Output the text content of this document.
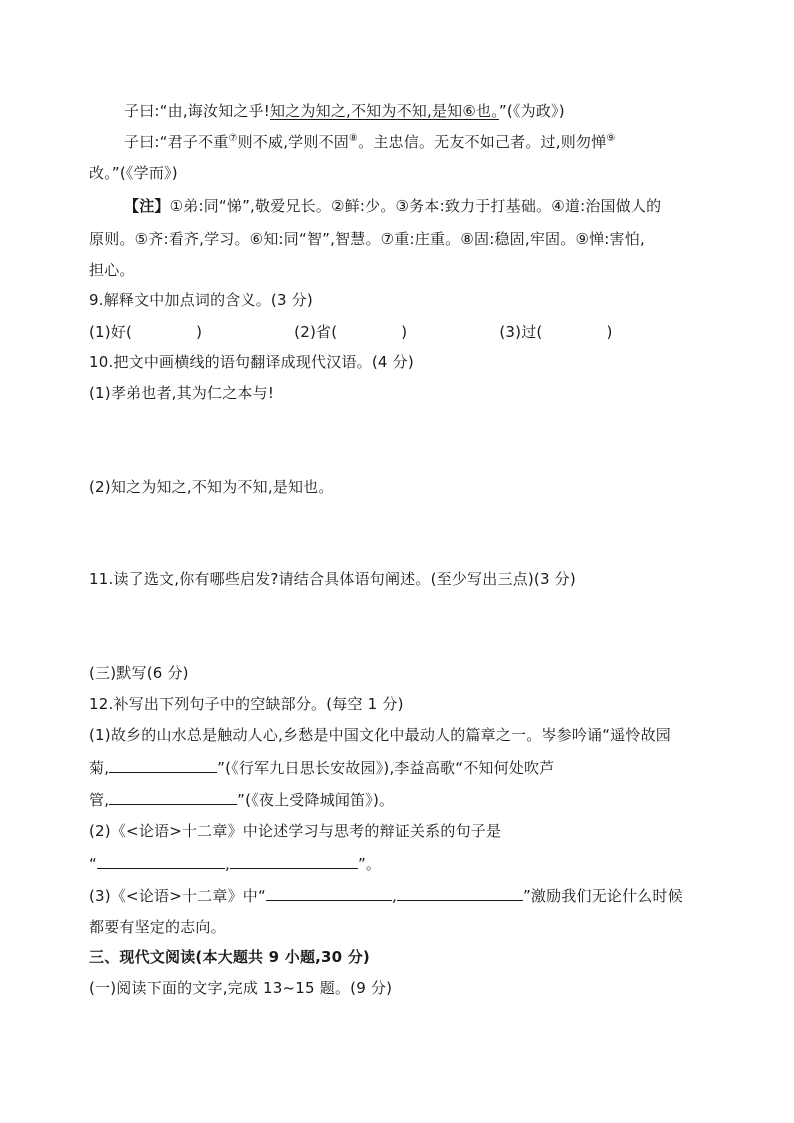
子曰:“由,诲汝知之乎!知之为知之,不知为不知,是知⑥也。”(《为政》)
子曰:“君子不重⑦则不威,学则不固⑧。主忠信。无友不如己者。过,则勿惮⑨
改。”(《学而》)
【注】①弟:同“悌”,敬爱兄长。②鲜:少。③务本:致力于打基础。④道:治国做人的
原则。⑤齐:看齐,学习。⑥知:同“智”,智慧。⑦重:庄重。⑧固:稳固,牢固。⑨惮:害怕,
担心。
9.解释文中加点词的含义。(3 分)
(1)好(	)	(2)省(	)	(3)过(	)
10.把文中画横线的语句翻译成现代汉语。(4 分)
(1)孝弟也者,其为仁之本与!
(2)知之为知之,不知为不知,是知也。
11.读了选文,你有哪些启发?请结合具体语句阐述。(至少写出三点)(3 分)
(三)默写(6 分)
12.补写出下列句子中的空缺部分。(每空 1 分)
(1)故乡的山水总是触动人心,乡愁是中国文化中最动人的篇章之一。岑参吟诵“遥怜故园
菊,	”(《行军九日思长安故园》),李益高歌“不知何处吹芦
管,	”(《夜上受降城闻笛》)。
(2)《<论语>十二章》中论述学习与思考的辩证关系的句子是
“	,	”。
(3)《<论语>十二章》中“	,	”激励我们无论什么时候
都要有坚定的志向。
三、现代文阅读(本大题共 9 小题,30 分)
(一)阅读下面的文字,完成 13~15 题。(9 分)
